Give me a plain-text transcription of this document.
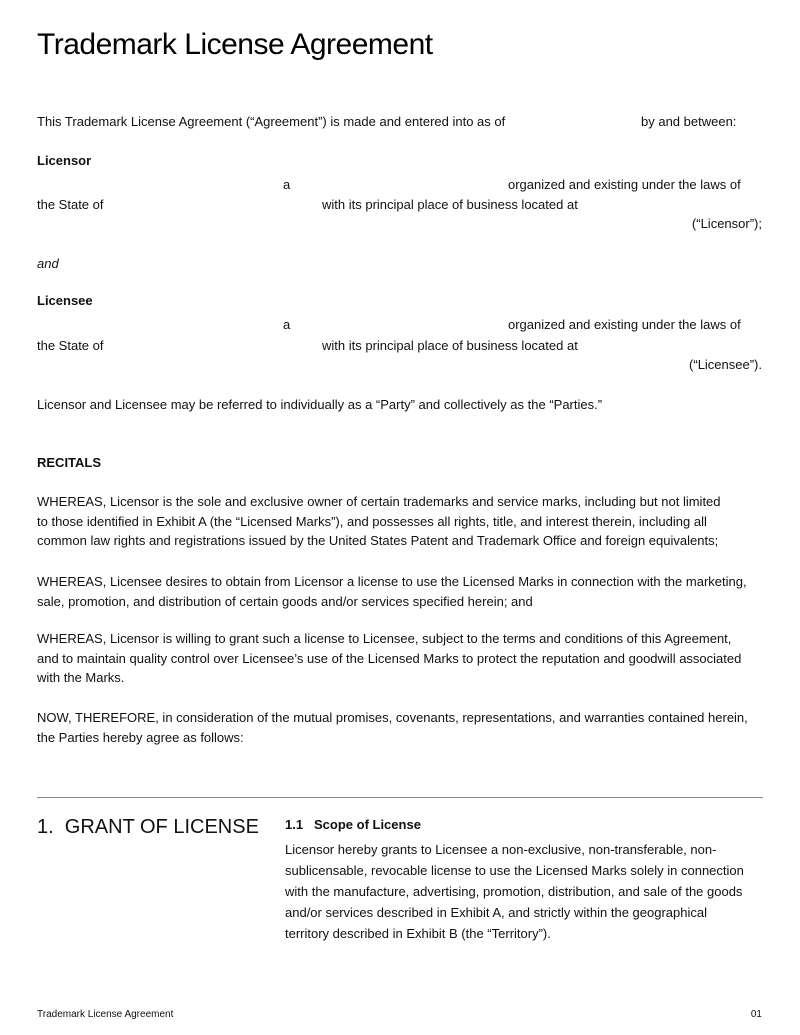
Trademark License Agreement
This Trademark License Agreement (“Agreement”) is made and entered into as of	by and between:
Licensor
a	organized and existing under the laws of
the State of	with its principal place of business located at
(“Licensor”);
and
Licensee
a	organized and existing under the laws of
the State of	with its principal place of business located at
(“Licensee”).
Licensor and Licensee may be referred to individually as a “Party” and collectively as the “Parties.”
RECITALS
WHEREAS, Licensor is the sole and exclusive owner of certain trademarks and service marks, including but not limited
to those identified in Exhibit A (the “Licensed Marks”), and possesses all rights, title, and interest therein, including all
common law rights and registrations issued by the United States Patent and Trademark Office and foreign equivalents;
WHEREAS, Licensee desires to obtain from Licensor a license to use the Licensed Marks in connection with the marketing,
sale, promotion, and distribution of certain goods and/or services specified herein; and
WHEREAS, Licensor is willing to grant such a license to Licensee, subject to the terms and conditions of this Agreement,
and to maintain quality control over Licensee’s use of the Licensed Marks to protect the reputation and goodwill associated
with the Marks.
NOW, THEREFORE, in consideration of the mutual promises, covenants, representations, and warranties contained herein,
the Parties hereby agree as follows:
1.  GRANT OF LICENSE 1.1 Scope of License
Licensor hereby grants to Licensee a non-exclusive, non-transferable, non-
sublicensable, revocable license to use the Licensed Marks solely in connection
with the manufacture, advertising, promotion, distribution, and sale of the goods
and/or services described in Exhibit A, and strictly within the geographical
territory described in Exhibit B (the “Territory”).
Trademark License Agreement	01
